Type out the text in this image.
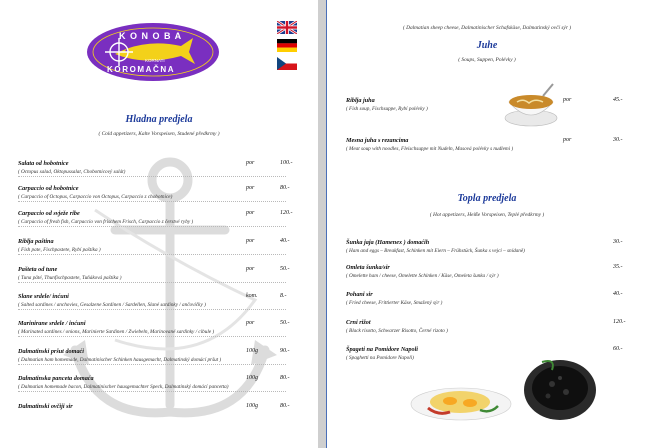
K O N O B A
KORNATI
KOROMAČNA
Hladna predjela
( Cold appetizers, Kalte Vorspeisen, Studené předkrmy )
Salata od hobotnice	por	100.-
( Octopus salad, Oktopussalat, Chobotnicový salát)
Carpaccio od hobotnice	por	80.-
( Carpaccio of Octopus, Carpaccio von Octopus, Carpaccio z chobotnice)
Carpaccio od svježe ribe	por	120.-
( Carpaccio of fresh fish, Carpaccio von frischem Frisch, Carpaccio z čerstvé ryby )
Riblja paština	por	40.-
( Fish pate, Fischpastete, Rybí paštika )
Pašteta od tune	por	50.-
( Tuna pâté, Thunfischpastete, Tuňáková paštika )
Slane srdele/ inćuni	kom.	8.-
( Salted sardines / anchovies, Gesalzene Sardinen / Sardellen, Slané sardinky / ančovičky )
Marinirane srdele / inćuni	por	50.-
( Marinated sardines / onions, Marinierte Sardinen / Zwiebeln, Marinované sardinky / cibule )
Dalmatinski pršut domaći	100g	90.-
( Dalmatian ham homemade, Dalmatinischer Schinken hausgemacht, Dalmatinský domácí pršut )
Dalmatinska panceta domaća	100g	80.-
( Dalmatian homemade bacon, Dalmatinischer hausgemachter Speck, Dalmatinský domácí pancetta)
Dalmatinski ovčiji sir	100g	80.-
( Dalmatian sheep cheese, Dalmatinischer Schafskäse, Dalmatinský ovčí sýr )
Juhe
( Soups, Suppen, Polévky )
Riblja juha	por	45.-
( Fish soup, Fischsuppe, Rybí polévky )
Mesna juha s rezancima	por	30.-
( Meat soup with noodles, Fleischsuppe mit Nudeln, Masová polévky s nudlemi )
Topla predjela
( Hot appetizers, Heiße Vorspeisen, Teplé předkrmy )
Šunka jaja (Hamenex ) domaćih	30.-
( Ham and eggs – Breakfast, Schinken mit Eiern – Frühstück, Šunka s vejci – snídaně)
Omleta šunka/sir	35.-
( Omelette ham / cheese, Omelette Schinken / Käse, Omeleta šunka / sýr )
Pohani sir	40.-
( Fried cheese, Frittierter Käse, Smažený sýr )
Crni rižot	120.-
( Black risotto, Schwarzer Risotto, Černé rizoto )
Špageti na Pomidore Napoli	60.-
( Spaghetti na Pomidore Napoli)
